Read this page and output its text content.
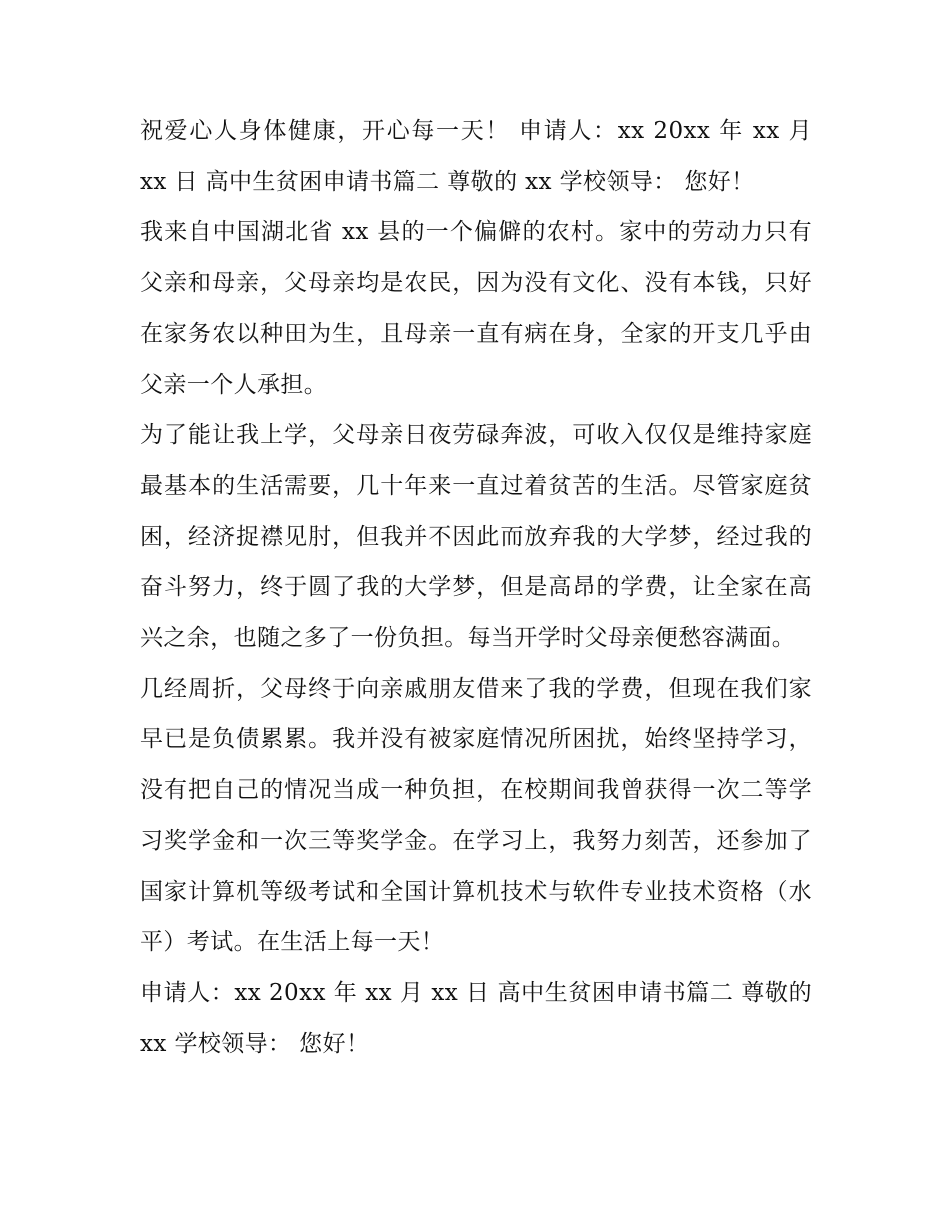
祝爱心人身体健康，开心每一天！ 申请人：xx 20xx 年 xx 月 xx 日 高中生贫困申请书篇二 尊敬的 xx 学校领导： 您好！

我来自中国湖北省 xx 县的一个偏僻的农村。家中的劳动力只有父亲和母亲，父母亲均是农民，因为没有文化、没有本钱，只好在家务农以种田为生，且母亲一直有病在身，全家的开支几乎由父亲一个人承担。

为了能让我上学，父母亲日夜劳碌奔波，可收入仅仅是维持家庭最基本的生活需要，几十年来一直过着贫苦的生活。尽管家庭贫困，经济捉襟见肘，但我并不因此而放弃我的大学梦，经过我的奋斗努力，终于圆了我的大学梦，但是高昂的学费，让全家在高兴之余，也随之多了一份负担。每当开学时父母亲便愁容满面。

几经周折，父母终于向亲戚朋友借来了我的学费，但现在我们家早已是负债累累。我并没有被家庭情况所困扰，始终坚持学习，没有把自己的情况当成一种负担，在校期间我曾获得一次二等学习奖学金和一次三等奖学金。在学习上，我努力刻苦，还参加了国家计算机等级考试和全国计算机技术与软件专业技术资格（水平）考试。在生活上每一天！

申请人：xx 20xx 年 xx 月 xx 日 高中生贫困申请书篇二 尊敬的 xx 学校领导： 您好！
